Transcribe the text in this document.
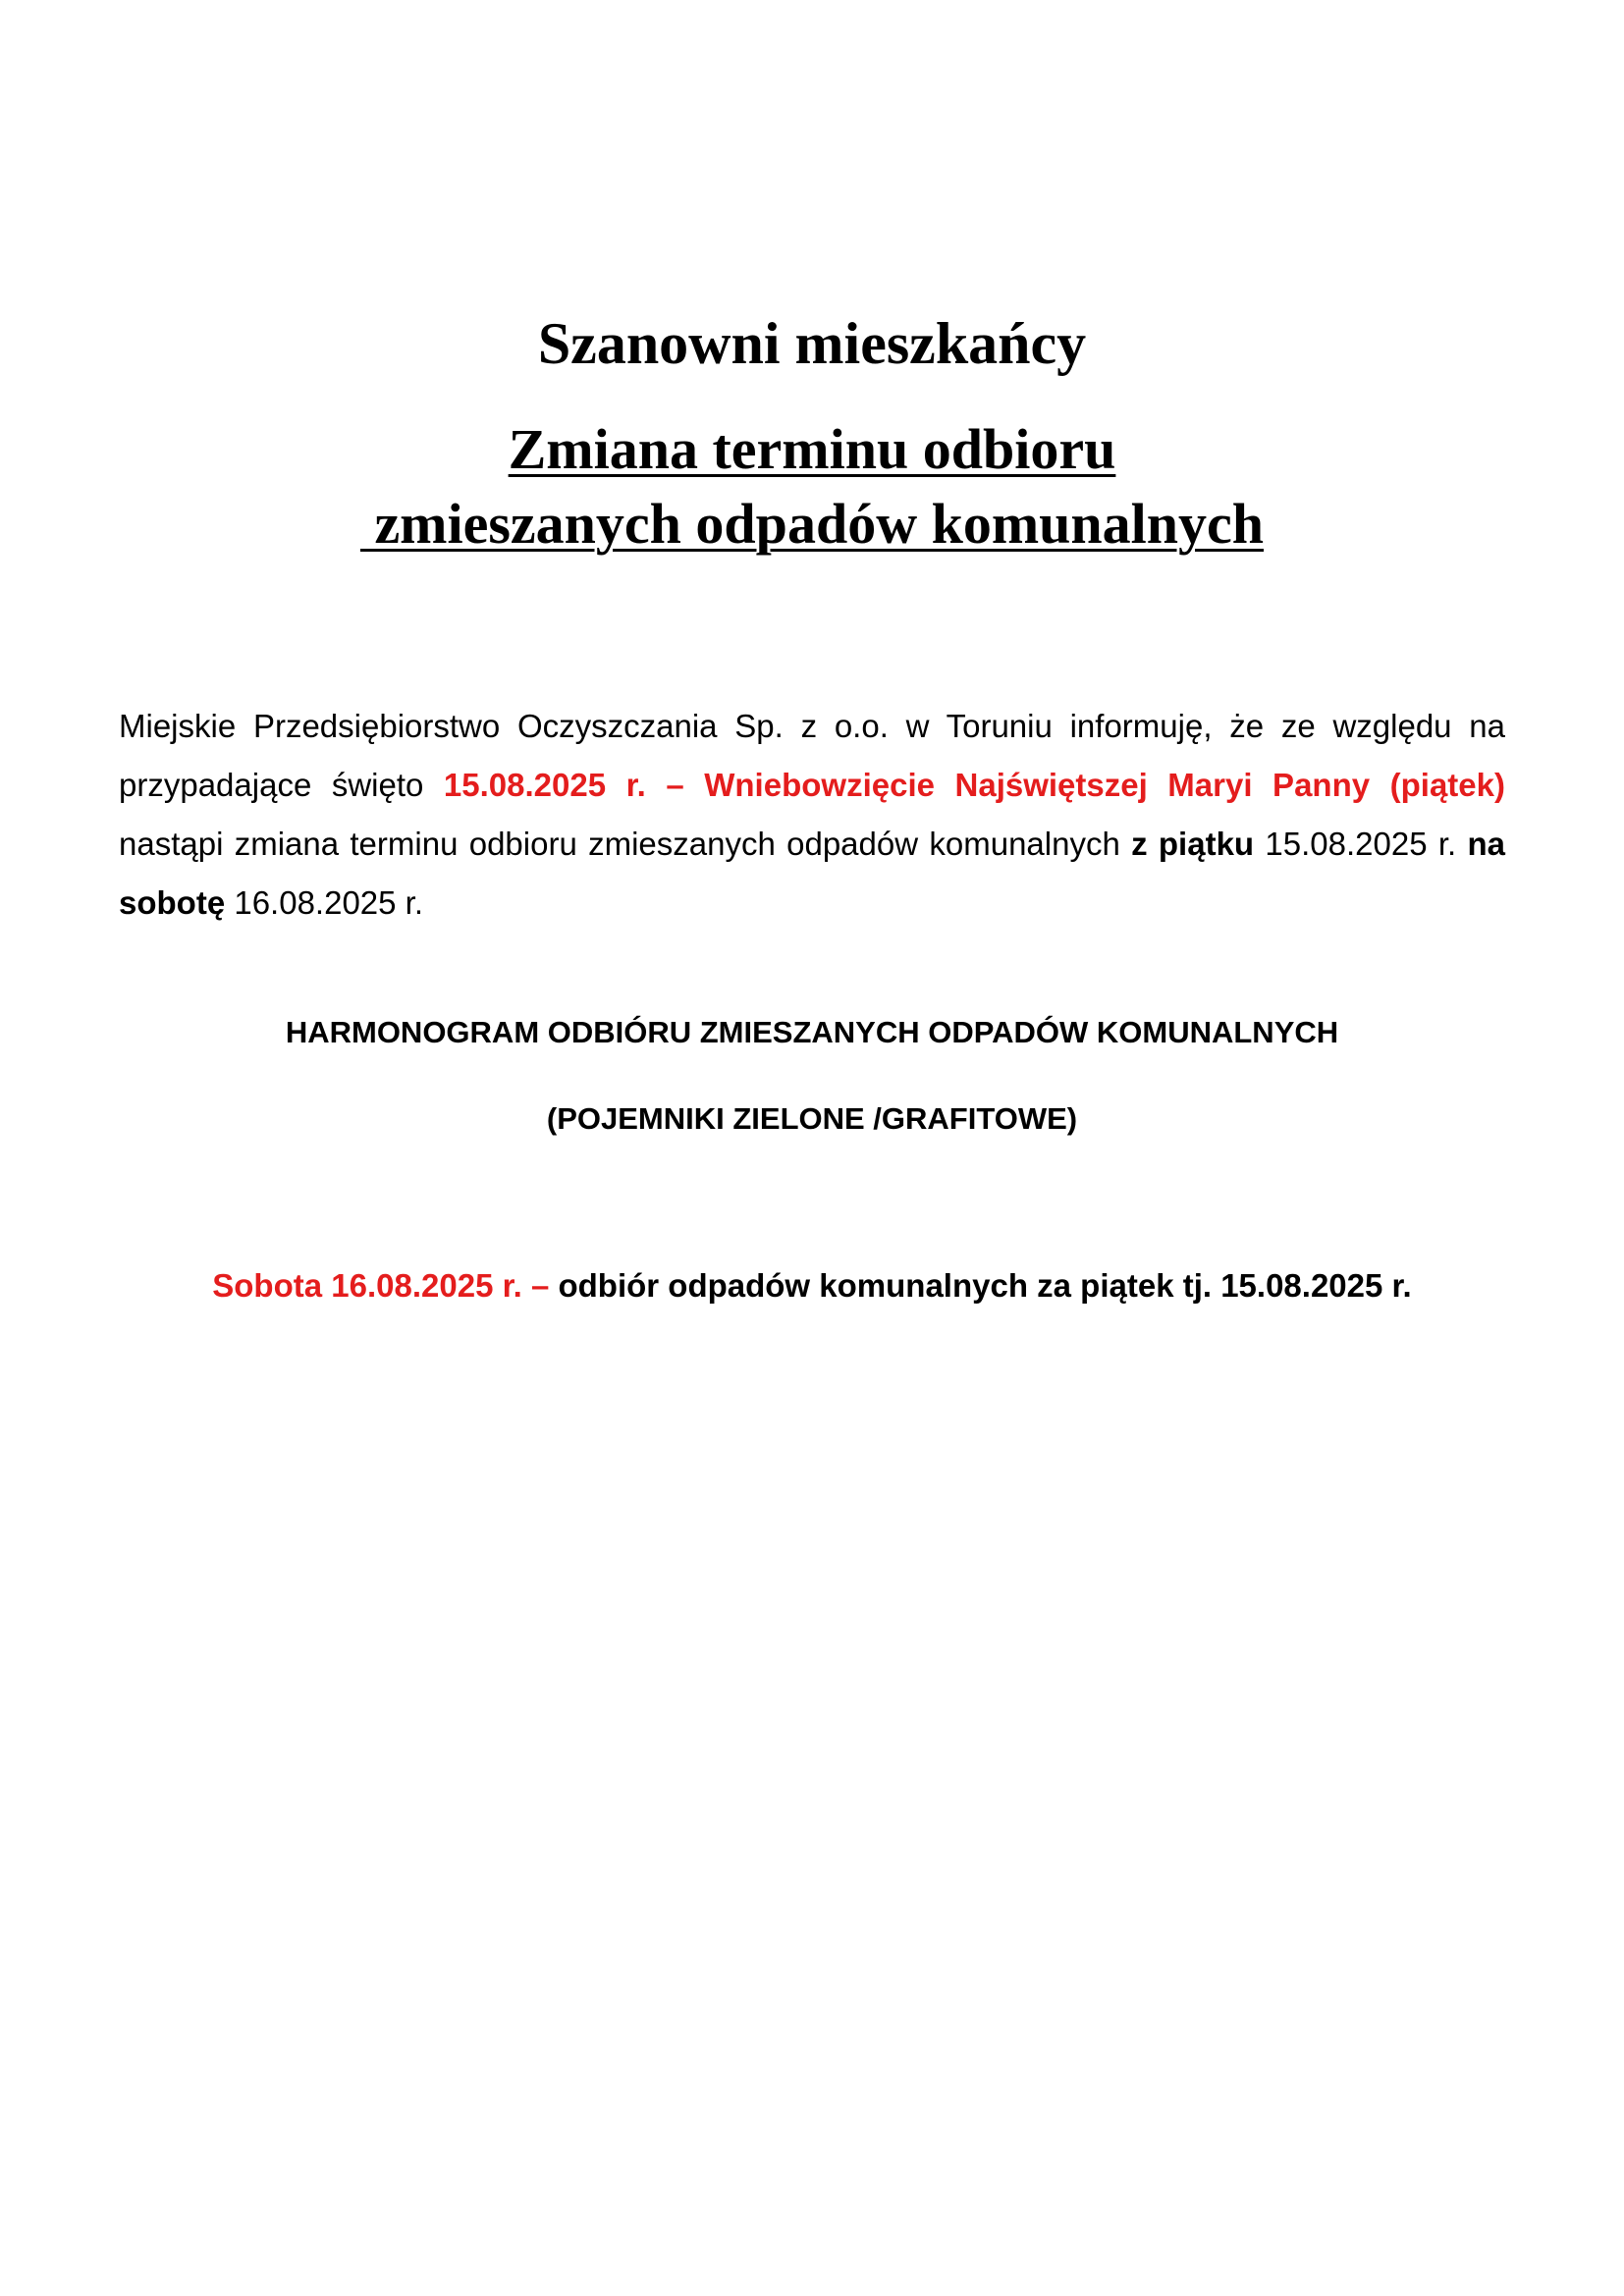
Szanowni mieszkańcy
Zmiana terminu odbioru
zmieszanych odpadów komunalnych
Miejskie Przedsiębiorstwo Oczyszczania Sp. z o.o. w Toruniu informuję, że ze względu na przypadające święto 15.08.2025 r. – Wniebowzięcie Najświętszej Maryi Panny (piątek) nastąpi zmiana terminu odbioru zmieszanych odpadów komunalnych z piątku 15.08.2025 r. na sobotę 16.08.2025 r.
HARMONOGRAM ODBIÓRU ZMIESZANYCH ODPADÓW KOMUNALNYCH
(POJEMNIKI ZIELONE /GRAFITOWE)
Sobota 16.08.2025 r. – odbiór odpadów komunalnych za piątek tj. 15.08.2025 r.
